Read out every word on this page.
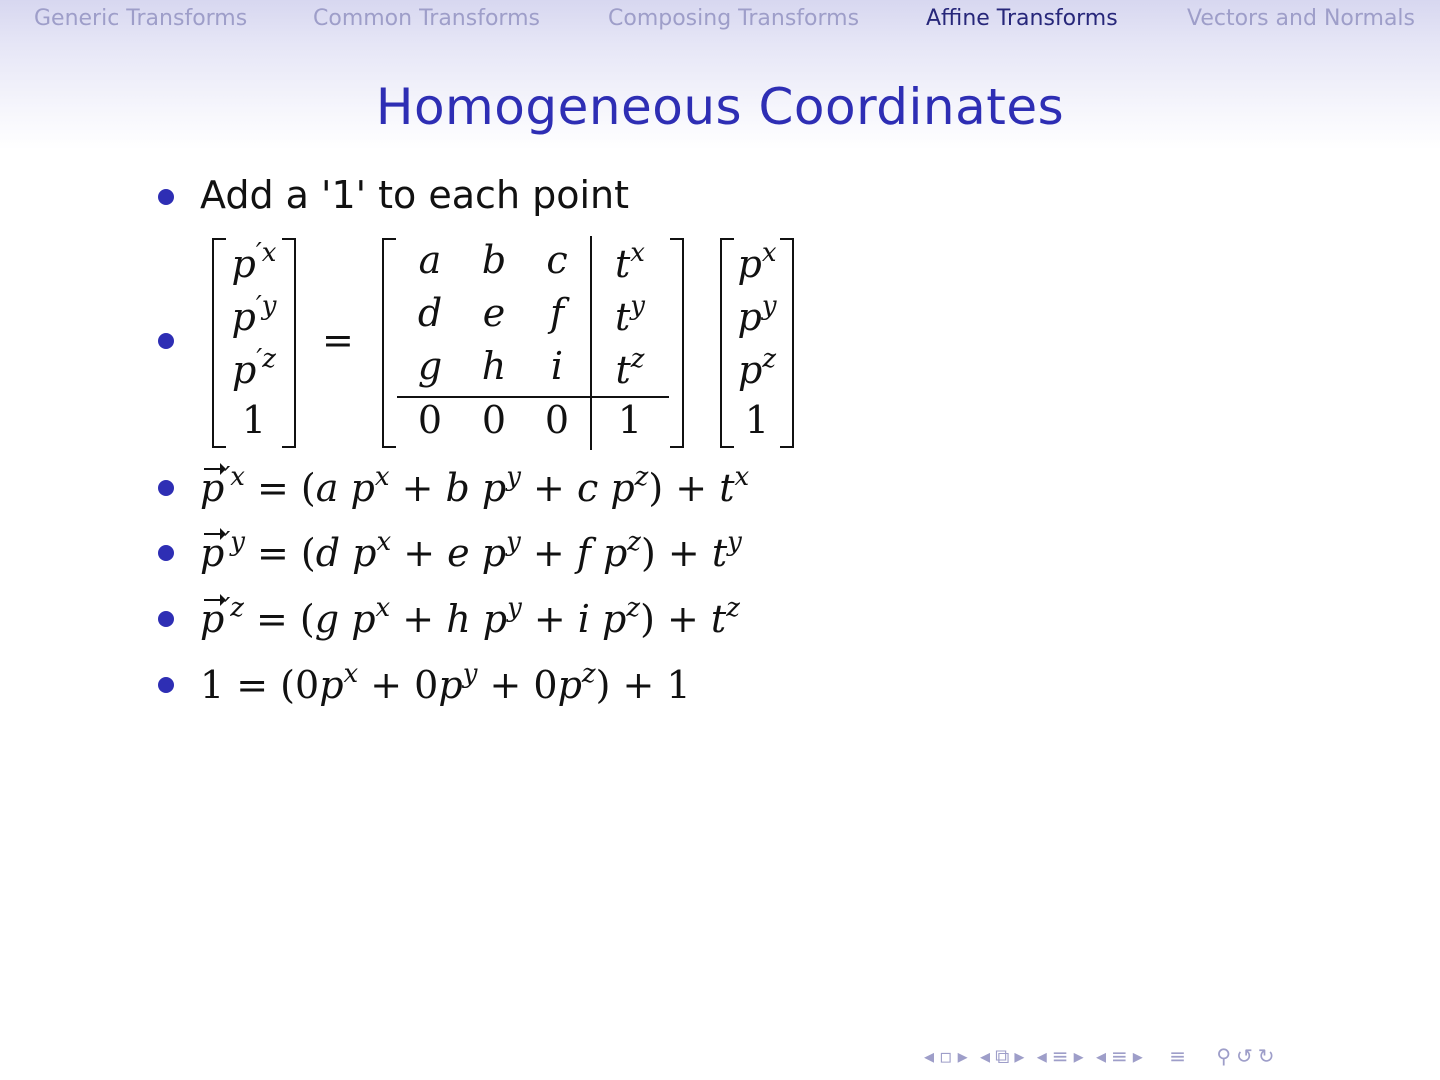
Generic Transforms	Common Transforms	Composing Transforms	Affine Transforms	Vectors and Normals
Homogeneous Coordinates
Add a '1' to each point
$p^{'x}$
$p^{'y}$
$p^{'z}$
1
=
a	b	c	$t^x$
d	e	f	$t^y$
g	h	i	$t^z$
0	0	0	1
$p^x$
$p^y$
$p^z$
1
$p^{'x} = (a$ $p^x + b$ $p^y + c$ $p^z) + t^x$
$p^{'y} = (d$ $p^x + e$ $p^y + f$ $p^z) + t^y$
$p^{'z} = (g$ $p^x + h$ $p^y + i$ $p^z) + t^z$
$1 = (0p^x + 0p^y + 0p^z) + 1$
◂ ▫ ▸ ◂ ⧉ ▸ ◂ ≡ ▸ ◂ ≡ ▸ ≡ ⚲ ↺ ↻
